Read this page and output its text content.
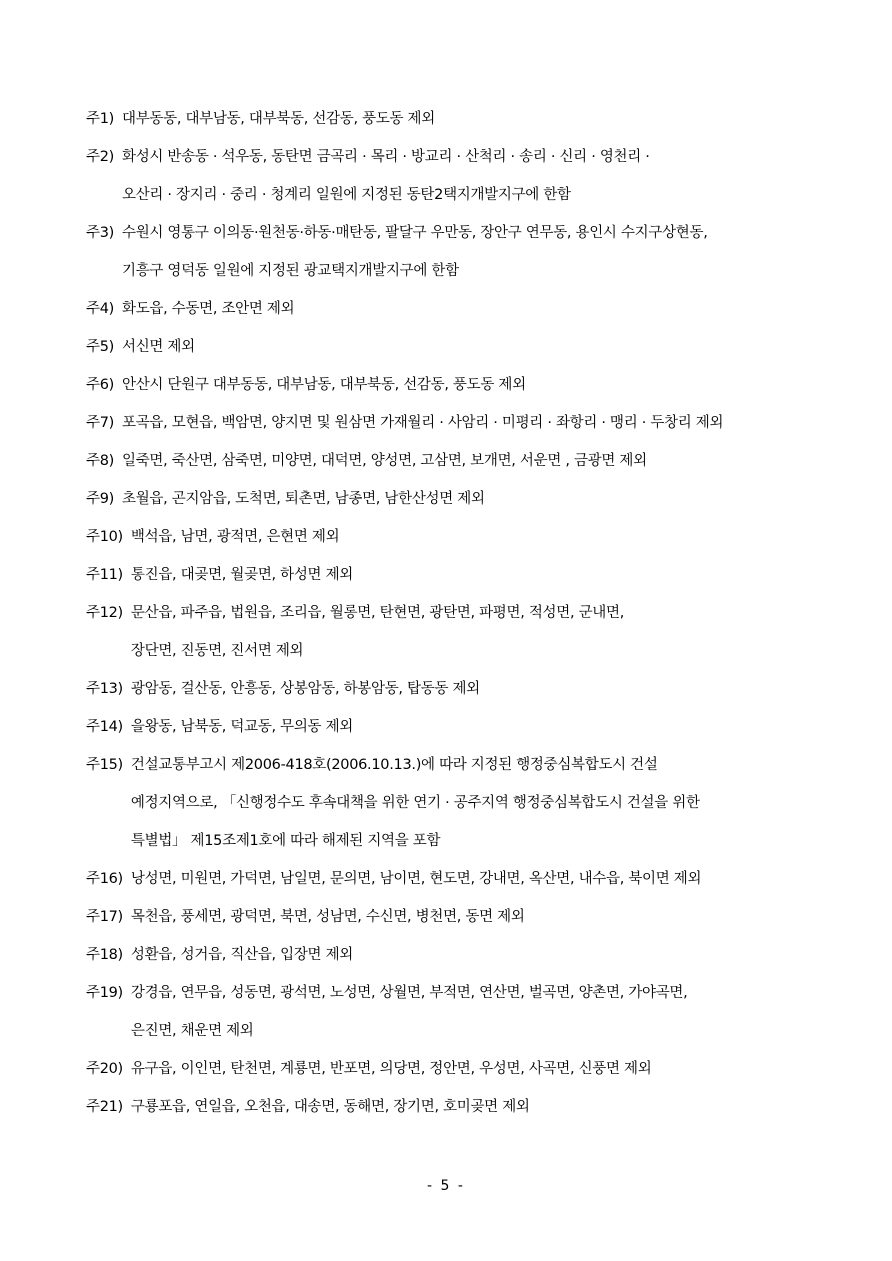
주1) 대부동동, 대부남동, 대부북동, 선감동, 풍도동 제외
주2) 화성시 반송동 · 석우동, 동탄면 금곡리 · 목리 · 방교리 · 산척리 · 송리 · 신리 · 영천리 ·
오산리 · 장지리 · 중리 · 청계리 일원에 지정된 동탄2택지개발지구에 한함
주3) 수원시 영통구 이의동·원천동·하동·매탄동, 팔달구 우만동, 장안구 연무동, 용인시 수지구상현동,
기흥구 영덕동 일원에 지정된 광교택지개발지구에 한함
주4) 화도읍, 수동면, 조안면 제외
주5) 서신면 제외
주6) 안산시 단원구 대부동동, 대부남동, 대부북동, 선감동, 풍도동 제외
주7) 포곡읍, 모현읍, 백암면, 양지면 및 원삼면 가재월리 · 사암리 · 미평리 · 좌항리 · 맹리 · 두창리 제외
주8) 일죽면, 죽산면, 삼죽면, 미양면, 대덕면, 양성면, 고삼면, 보개면, 서운면 , 금광면 제외
주9) 초월읍, 곤지암읍, 도척면, 퇴촌면, 남종면, 남한산성면 제외
주10) 백석읍, 남면, 광적면, 은현면 제외
주11) 통진읍, 대곶면, 월곶면, 하성면 제외
주12) 문산읍, 파주읍, 법원읍, 조리읍, 월롱면, 탄현면, 광탄면, 파평면, 적성면, 군내면,
장단면, 진동면, 진서면 제외
주13) 광암동, 걸산동, 안흥동, 상봉암동, 하봉암동, 탑동동 제외
주14) 을왕동, 남북동, 덕교동, 무의동 제외
주15) 건설교통부고시 제2006-418호(2006.10.13.)에 따라 지정된 행정중심복합도시 건설
예정지역으로, 「신행정수도 후속대책을 위한 연기 · 공주지역 행정중심복합도시 건설을 위한
특별법」 제15조제1호에 따라 해제된 지역을 포함
주16) 낭성면, 미원면, 가덕면, 남일면, 문의면, 남이면, 현도면, 강내면, 옥산면, 내수읍, 북이면 제외
주17) 목천읍, 풍세면, 광덕면, 북면, 성남면, 수신면, 병천면, 동면 제외
주18) 성환읍, 성거읍, 직산읍, 입장면 제외
주19) 강경읍, 연무읍, 성동면, 광석면, 노성면, 상월면, 부적면, 연산면, 벌곡면, 양촌면, 가야곡면,
은진면, 채운면 제외
주20) 유구읍, 이인면, 탄천면, 계룡면, 반포면, 의당면, 정안면, 우성면, 사곡면, 신풍면 제외
주21) 구룡포읍, 연일읍, 오천읍, 대송면, 동해면, 장기면, 호미곶면 제외
- 5 -
